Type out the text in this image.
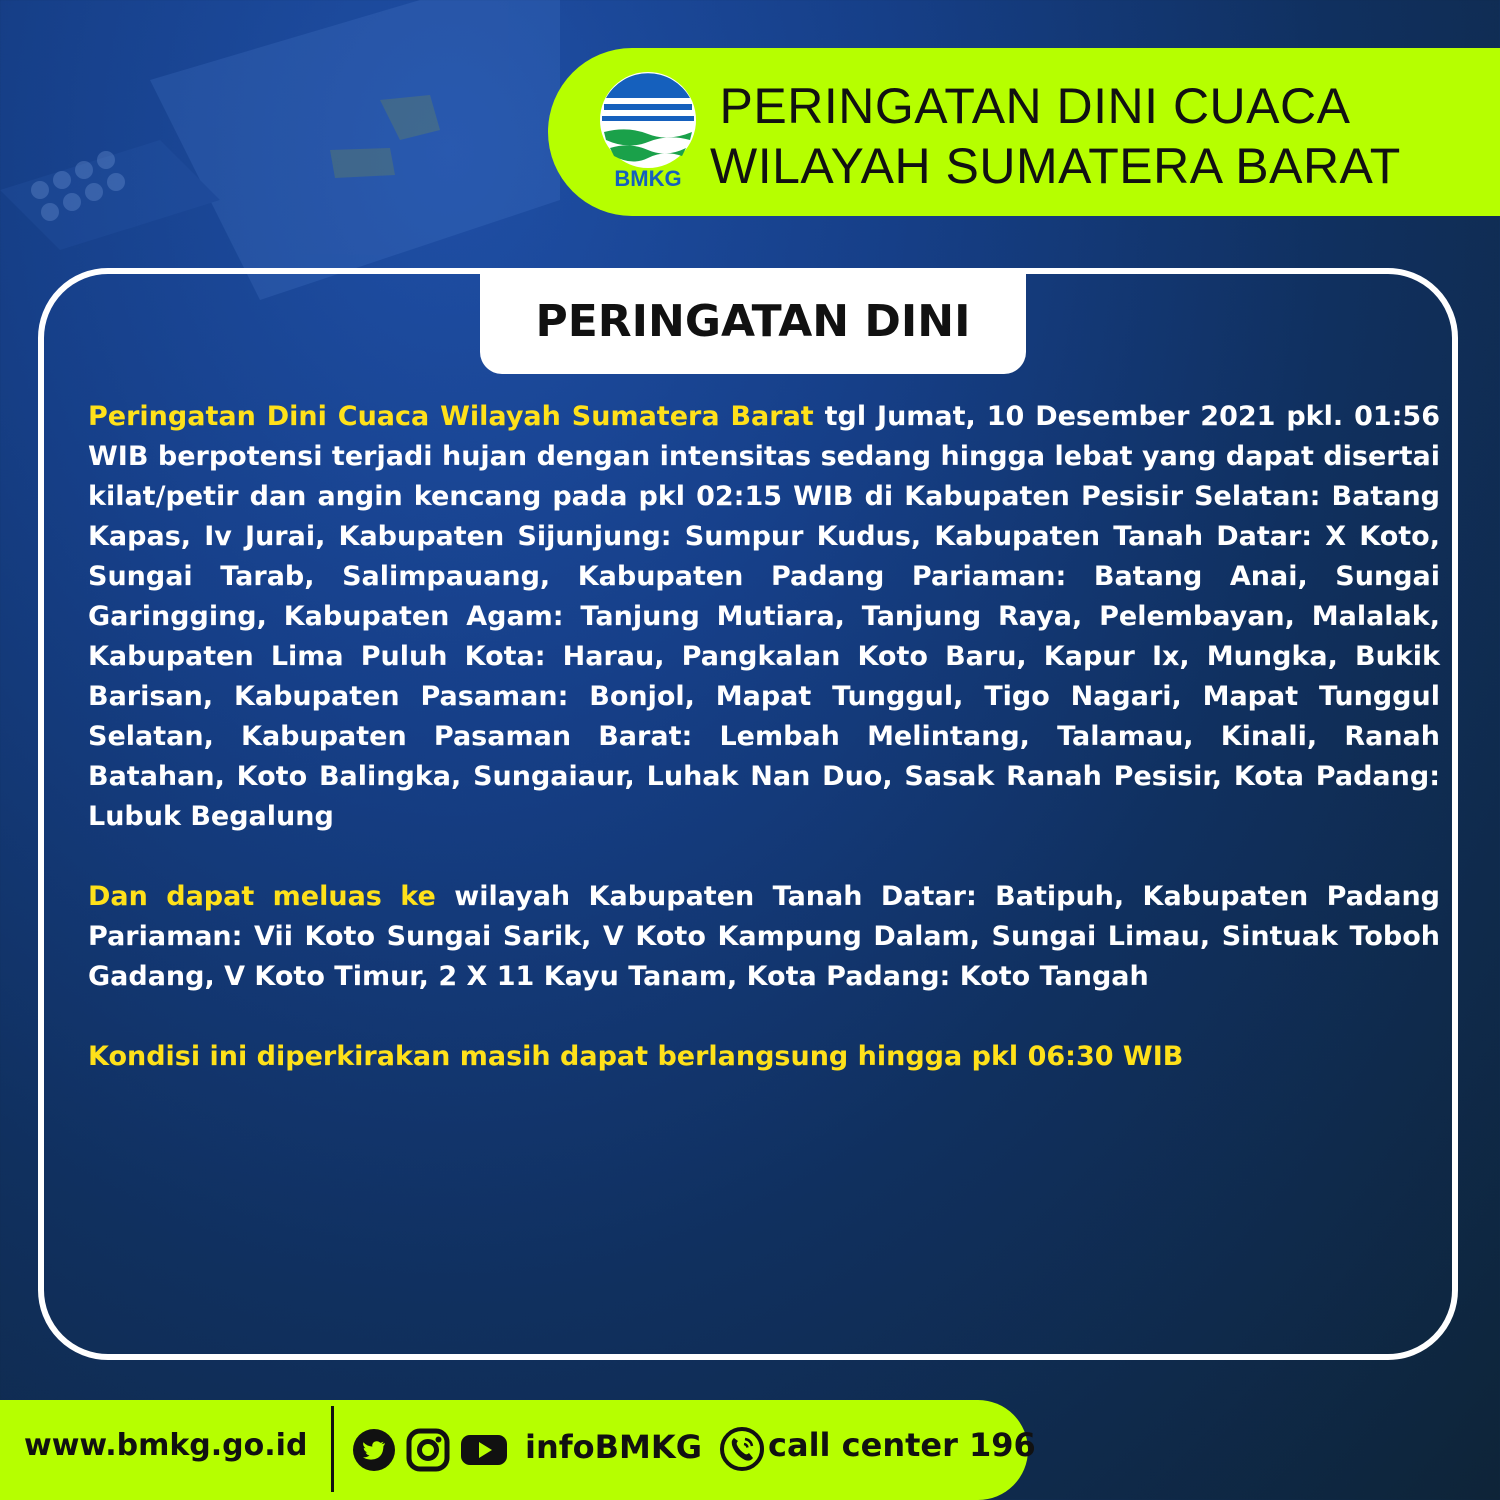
BMKG
PERINGATAN DINI CUACA
WILAYAH SUMATERA BARAT
PERINGATAN DINI

Peringatan Dini Cuaca Wilayah Sumatera Barat tgl Jumat, 10 Desember 2021 pkl. 01:56 WIB berpotensi terjadi hujan dengan intensitas sedang hingga lebat yang dapat disertai kilat/petir dan angin kencang pada pkl 02:15 WIB di Kabupaten Pesisir Selatan: Batang Kapas, Iv Jurai, Kabupaten Sijunjung: Sumpur Kudus, Kabupaten Tanah Datar: X Koto, Sungai Tarab, Salimpauang, Kabupaten Padang Pariaman: Batang Anai, Sungai Garingging, Kabupaten Agam: Tanjung Mutiara, Tanjung Raya, Pelembayan, Malalak, Kabupaten Lima Puluh Kota: Harau, Pangkalan Koto Baru, Kapur Ix, Mungka, Bukik Barisan, Kabupaten Pasaman: Bonjol, Mapat Tunggul, Tigo Nagari, Mapat Tunggul Selatan, Kabupaten Pasaman Barat: Lembah Melintang, Talamau, Kinali, Ranah Batahan, Koto Balingka, Sungaiaur, Luhak Nan Duo, Sasak Ranah Pesisir, Kota Padang: Lubuk Begalung

Dan dapat meluas ke wilayah Kabupaten Tanah Datar: Batipuh, Kabupaten Padang Pariaman: Vii Koto Sungai Sarik, V Koto Kampung Dalam, Sungai Limau, Sintuak Toboh Gadang, V Koto Timur, 2 X 11 Kayu Tanam, Kota Padang: Koto Tangah

Kondisi ini diperkirakan masih dapat berlangsung hingga pkl 06:30 WIB

www.bmkg.go.id	infoBMKG call center 196
